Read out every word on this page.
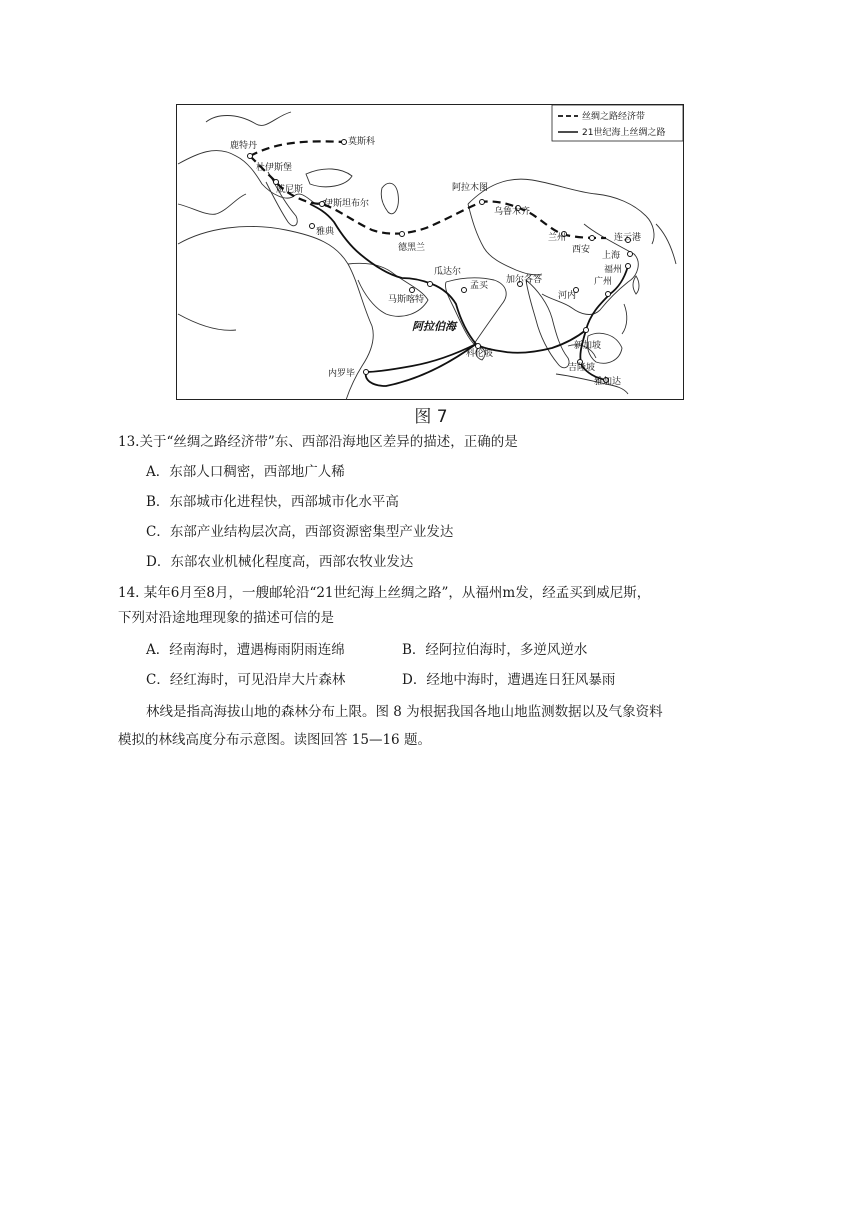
鹿特丹	莫斯科
杜伊斯堡
威尼斯
伊斯坦布尔
雅典
德黑兰
阿拉木图
乌鲁木齐
兰州
西安
连云港
上海
福州
广州
河内
瓜达尔
马斯喀特
孟买
加尔各答
科伦坡
新加坡
吉隆坡
雅加达
内罗毕
阿拉伯海
丝绸之路经济带
21世纪海上丝绸之路
图 7
13.关于“丝绸之路经济带”东、西部沿海地区差异的描述，正确的是
A．东部人口稠密，西部地广人稀
B．东部城市化进程快，西部城市化水平高
C．东部产业结构层次高，西部资源密集型产业发达
D．东部农业机械化程度高，西部农牧业发达
14. 某年6月至8月，一艘邮轮沿“21世纪海上丝绸之路”，从福州m发，经孟买到威尼斯，
下列对沿途地理现象的描述可信的是
A．经南海时，遭遇梅雨阴雨连绵	B．经阿拉伯海时，多逆风逆水
C．经红海时，可见沿岸大片森林	D．经地中海时，遭遇连日狂风暴雨
林线是指高海拔山地的森林分布上限。图 8 为根据我国各地山地监测数据以及气象资料
模拟的林线高度分布示意图。读图回答 15—16 题。
